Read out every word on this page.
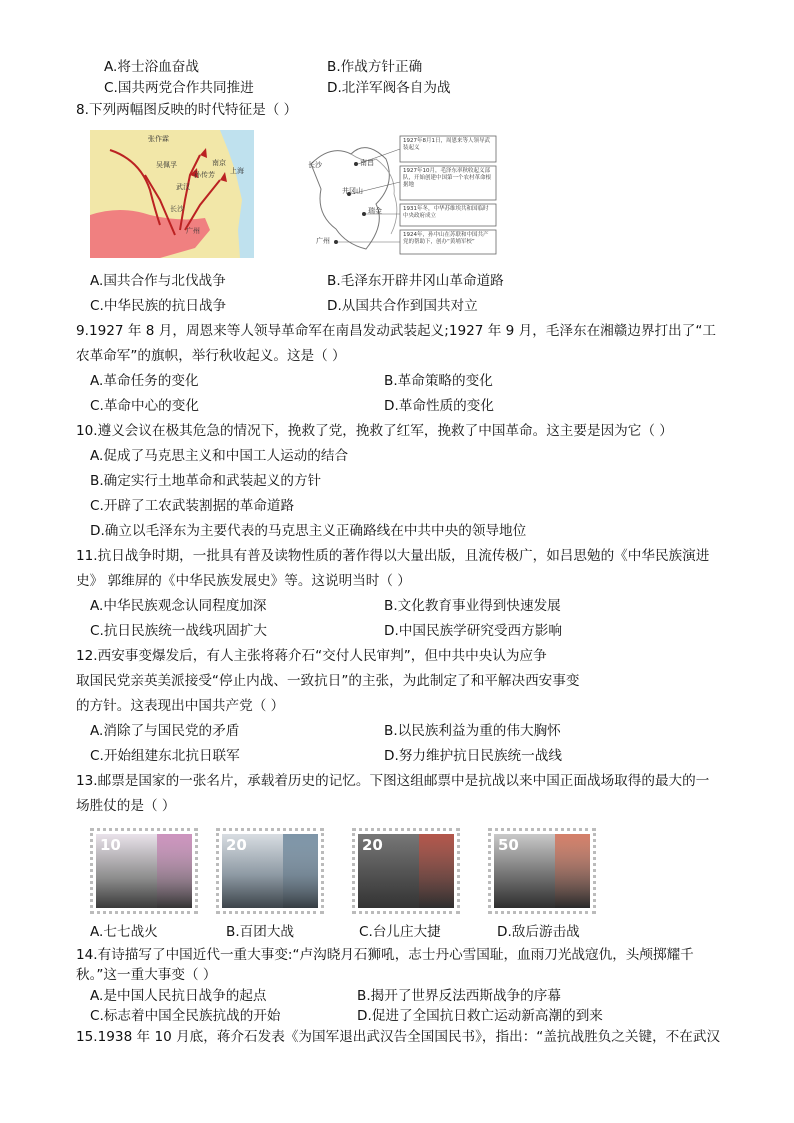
A.将士浴血奋战	B.作战方针正确
C.国共两党合作共同推进	D.北洋军阀各自为战
8.下列两幅图反映的时代特征是（ ）
张作霖
吴佩孚
孙传芳
武汉
南京
上海
长沙
广州
长沙	南昌
井冈山
瑞金
广州
1927年8月1日，周恩来等人领导武装起义
1927年10月，毛泽东率秋收起义部队，开始创建中国第一个农村革命根据地
1931年冬，中华苏维埃共和国临时中央政府成立
1924年，孙中山在苏联和中国共产党的帮助下，创办“黄埔军校”
A.国共合作与北伐战争	B.毛泽东开辟井冈山革命道路
C.中华民族的抗日战争	D.从国共合作到国共对立
9.1927 年 8 月，周恩来等人领导革命军在南昌发动武装起义;1927 年 9 月，毛泽东在湘赣边界打出了“工
农革命军”的旗帜，举行秋收起义。这是（ ）
A.革命任务的变化	B.革命策略的变化
C.革命中心的变化	D.革命性质的变化
10.遵义会议在极其危急的情况下，挽救了党，挽救了红军，挽救了中国革命。这主要是因为它（ ）
A.促成了马克思主义和中国工人运动的结合
B.确定实行土地革命和武装起义的方针
C.开辟了工农武装割据的革命道路
D.确立以毛泽东为主要代表的马克思主义正确路线在中共中央的领导地位
11.抗日战争时期，一批具有普及读物性质的著作得以大量出版，且流传极广，如吕思勉的《中华民族演进
史》 郭维屏的《中华民族发展史》等。这说明当时（ ）
A.中华民族观念认同程度加深	B.文化教育事业得到快速发展
C.抗日民族统一战线巩固扩大	D.中国民族学研究受西方影响
12.西安事变爆发后，有人主张将蒋介石“交付人民审判”，但中共中央认为应争
取国民党亲英美派接受“停止内战、一致抗日”的主张，为此制定了和平解决西安事变
的方针。这表现出中国共产党（ ）
A.消除了与国民党的矛盾	B.以民族利益为重的伟大胸怀
C.开始组建东北抗日联军	D.努力维护抗日民族统一战线
13.邮票是国家的一张名片，承载着历史的记忆。下图这组邮票中是抗战以来中国正面战场取得的最大的一
场胜仗的是（ ）
10	20	20	50
A.七七战火	B.百团大战	C.台儿庄大捷	D.敌后游击战
14.有诗描写了中国近代一重大事变:“卢沟晓月石狮吼，志士丹心雪国耻，血雨刀光战寇仇，头颅掷耀千
秋。”这一重大事变（ ）
A.是中国人民抗日战争的起点	B.揭开了世界反法西斯战争的序幕
C.标志着中国全民族抗战的开始	D.促进了全国抗日救亡运动新高潮的到来
15.1938 年 10 月底，蒋介石发表《为国军退出武汉告全国国民书》，指出：“盖抗战胜负之关键，不在武汉
